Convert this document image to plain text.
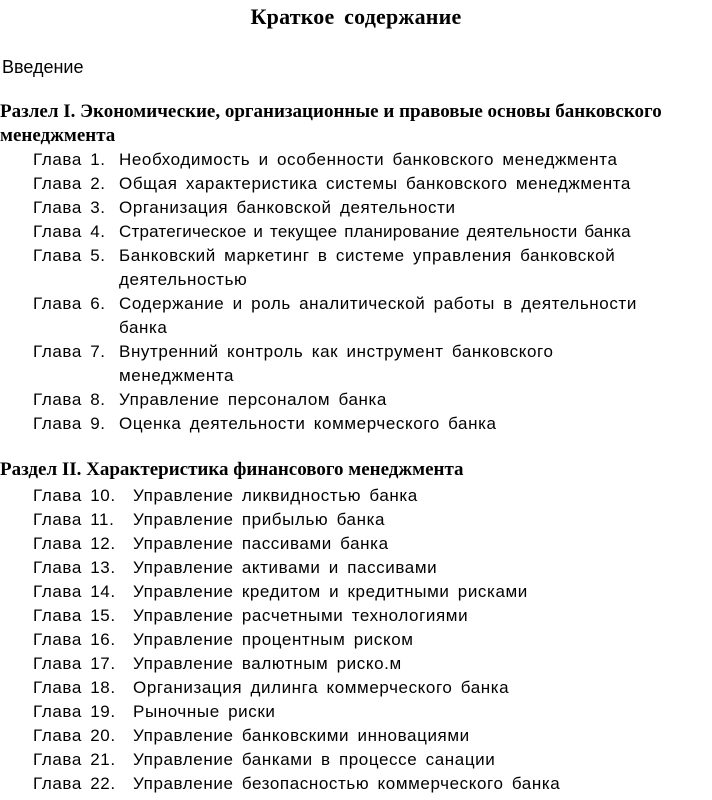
Краткое содержание
Введение
Разлел I. Экономические, организационные и правовые основы банковского менеджмента
Глава 1. Необходимость и особенности банковского менеджмента
Глава 2. Общая характеристика системы банковского менеджмента
Глава 3. Организация банковской деятельности
Глава 4. Стратегическое и текущее планирование деятельности банка
Глава 5. Банковский маркетинг в системе управления банковской деятельностью
Глава 6. Содержание и роль аналитической работы в деятельности банка
Глава 7. Внутренний контроль как инструмент банковского менеджмента
Глава 8. Управление персоналом банка
Глава 9. Оценка деятельности коммерческого банка
Раздел II. Характеристика финансового менеджмента
Глава 10.	Управление ликвидностью банка
Глава 11.	Управление прибылью банка
Глава 12.	Управление пассивами банка
Глава 13.	Управление активами и пассивами
Глава 14.	Управление кредитом и кредитными рисками
Глава 15.	Управление расчетными технологиями
Глава 16.	Управление процентным риском
Глава 17.	Управление валютным риско.м
Глава 18.	Организация дилинга коммерческого банка
Глава 19.	Рыночные риски
Глава 20.	Управление банковскими инновациями
Глава 21.	Управление банками в процессе санации
Глава 22.	Управление безопасностью коммерческого банка
